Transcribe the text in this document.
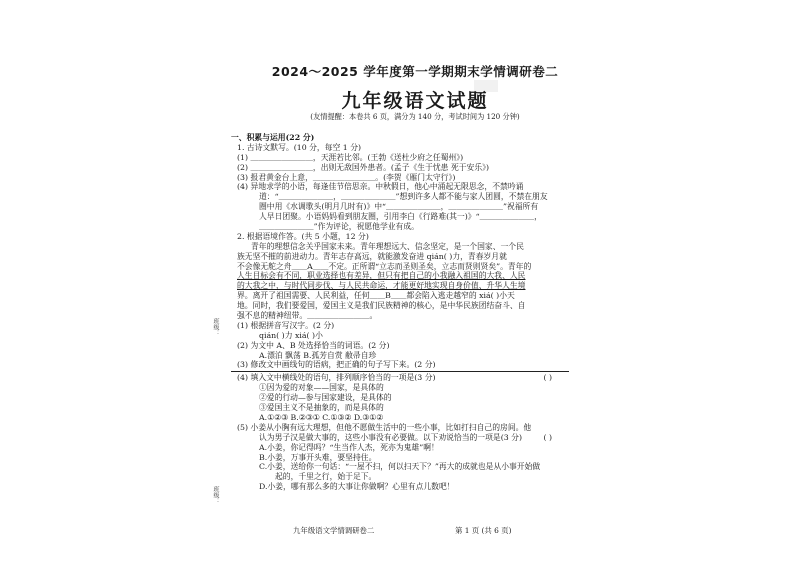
2024～2025 学年度第一学期期末学情调研卷二
九年级语文试题
(友情提醒：本卷共 6 页，满分为 140 分，考试时间为 120 分钟)
班级：
班级：
一、积累与运用(22 分)
1. 古诗文默写。(10 分，每空 1 分)
(1) ＿＿＿＿＿＿＿＿，天涯若比邻。(王勃《送杜少府之任蜀州》)
(2) ＿＿＿＿＿＿＿＿，出则无敌国外患者。(孟子《生于忧患 死于安乐》)
(3) 报君黄金台上意，＿＿＿＿＿＿＿＿。(李贺《雁门太守行》)
(4) 异地求学的小语，每逢佳节倍思亲。中秋假日，他心中涌起无限思念，不禁吟诵
道：“＿＿＿＿＿＿＿，＿＿＿＿＿＿＿”想到许多人都不能与家人团圆，不禁在朋友
圈中用《水调歌头(明月几时有)》中“＿＿＿＿＿＿＿，＿＿＿＿＿＿＿”祝福所有
人早日团聚。小语妈妈看到朋友圈，引用李白《行路难(其一)》“＿＿＿＿＿＿＿，
＿＿＿＿＿＿＿”作为评论，祝愿他学业有成。
2. 根据语境作答。(共 5 小题，12 分)
青年的理想信念关乎国家未来。青年理想远大、信念坚定，是一个国家、一个民
族无坚不摧的前进动力。青年志存高远，就能激发奋进 qián( )力，青春岁月就
不会像无舵之舟＿＿A＿＿不定。正所谓“立志而圣则圣矣，立志而贤则贤矣”。青年的
人生目标会有不同，职业选择也有差异，但只有把自己的小我融入祖国的大我、人民
的大我之中，与时代同步伐、与人民共命运，才能更好地实现自身价值、升华人生境
界。离开了祖国需要、人民利益，任何＿＿B＿＿都会陷入逃走越窄的 xiá( )小天
地。同时，我们要爱国，爱国主义是我们民族精神的核心，是中华民族团结奋斗、自
强不息的精神纽带。＿＿＿＿＿＿＿＿。
(1) 根据拼音写汉字。(2 分)
qián( )力 xiá( )小
(2) 为文中 A、B 处选择恰当的词语。(2 分)
A.漂泊 飘荡 B.孤芳自赏 敝帚自珍
(3) 修改文中画线句的语病，把正确的句子写下来。(2 分)
(4) 填入文中横线处的语句，排列顺序恰当的一项是(3 分)	( )
①因为爱的对象——国家，是具体的
②爱的行动—参与国家建设，是具体的
③爱国主义不是抽象的，而是具体的
A.①②③ B.②③① C.①③② D.③①②
(5) 小姜从小胸有远大理想，但他不愿做生活中的一些小事，比如打扫自己的房间。他
认为男子汉是做大事的，这些小事没有必要做。以下劝说恰当的一项是(3 分)	( )
A.小姜，你记得吗？“生当作人杰，死亦为鬼雄”啊！
B.小姜，万事开头难，要坚持住。
C.小姜，送给你一句话：“一屋不扫，何以扫天下？”再大的成就也是从小事开始做
起的，千里之行，始于足下。
D.小姜，哪有那么多的大事让你做啊？心里有点儿数吧！
九年级语文学情调研卷二	第 1 页 (共 6 页)
